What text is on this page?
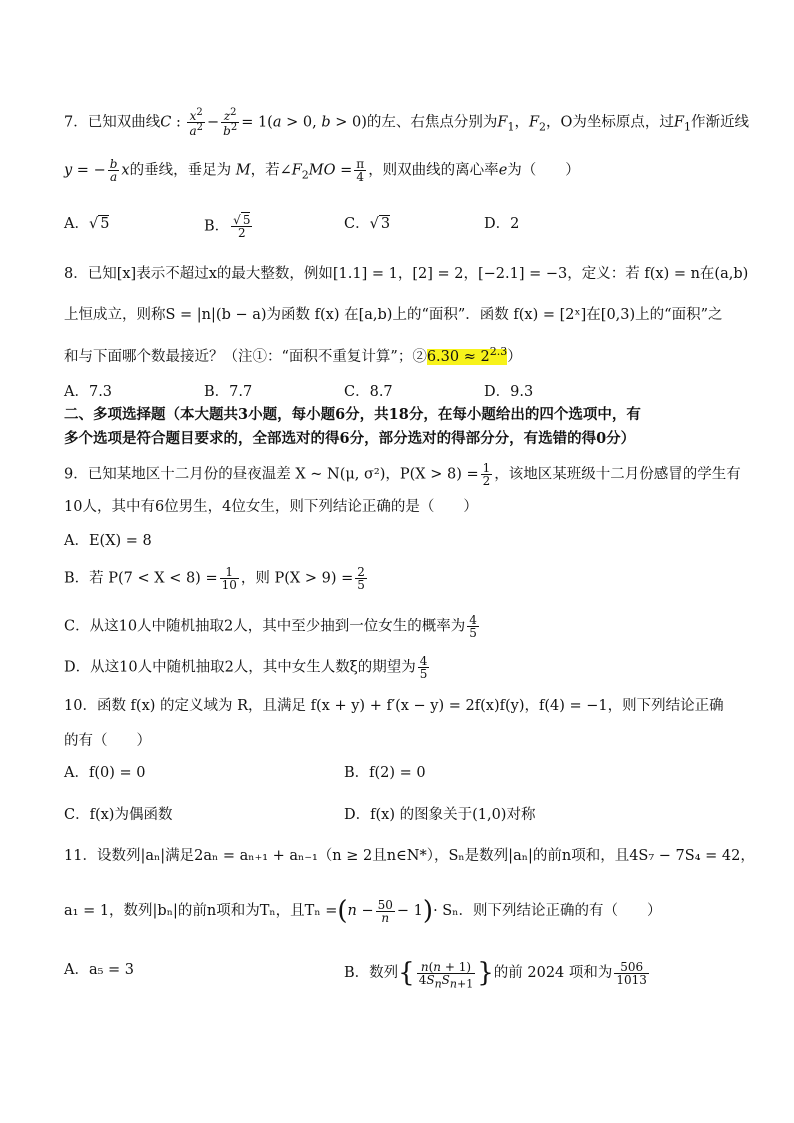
7．已知双曲线C : $\frac{x^2}{a^2} - \frac{z^2}{b^2} = 1(a > 0$, b > 0)的左、右焦点分别为$F_1$，$F_2$，O为坐标原点，过$F_1$作渐近线
y = − $\frac{b}{a}$ x的垂线，垂足为 M，若$\angle F_2MO = \frac{\pi}{4}$ ，则双曲线的离心率e为（　　）
A．√ 5	B． $\frac{√ 5}{2}$	C．√ 3	D．2
8．已知[x]表示不超过x的最大整数，例如[1.1] = 1，[2] = 2，[−2.1] = −3，定义：若 f(x) = n在(a,b)
上恒成立，则称S = |n|(b − a)为函数 f(x) 在[a,b)上的“面积”．函数 f(x) = [2ˣ]在[0,3)上的“面积”之
和与下面哪个数最接近？（注①：“面积不重复计算”；②6.30 ≈ $2^{2.3}$）
A．7.3	B．7.7	C．8.7	D．9.3
二、多项选择题（本大题共3小题，每小题6分，共18分，在每小题给出的四个选项中，有
多个选项是符合题目要求的，全部选对的得6分，部分选对的得部分分，有选错的得0分）
9．已知某地区十二月份的昼夜温差 X ~ N(μ, σ²)，$P(X > 8) = \frac{1}{2}$ ，该地区某班级十二月份感冒的学生有
10人，其中有6位男生，4位女生，则下列结论正确的是（　　）
A．E(X) = 8
B．若 $P(7 < X < 8) = \frac{1}{10}$ ，则 $P(X > 9) = \frac{2}{5}$
C．从这10人中随机抽取2人，其中至少抽到一位女生的概率为 $\frac{4}{5}$
D．从这10人中随机抽取2人，其中女生人数ξ的期望为 $\frac{4}{5}$
10．函数 f(x) 的定义域为 R，且满足 f(x + y) + f′(x − y) = 2f(x)f(y)，f(4) = −1，则下列结论正确
的有（　　）
A．f(0) = 0	B．f(2) = 0
C．f(x)为偶函数	D．f(x) 的图象关于(1,0)对称
11．设数列|aₙ|满足2aₙ = aₙ₊₁ + aₙ₋₁（n ≥ 2且n∈N*），Sₙ是数列|aₙ|的前n项和，且4S₇ − 7S₄ = 42，
a₁ = 1，数列|bₙ|的前n项和为Tₙ，且$T_n =(n - \frac{50}{n} - 1)\cdot S_n$．则下列结论正确的有（　　）
A．a₅ = 3	B．数列{ $\frac{n(n + 1)}{\text{4SnSn+1}}$ }的前 2024 项和为 $\frac{506}{1013}$
